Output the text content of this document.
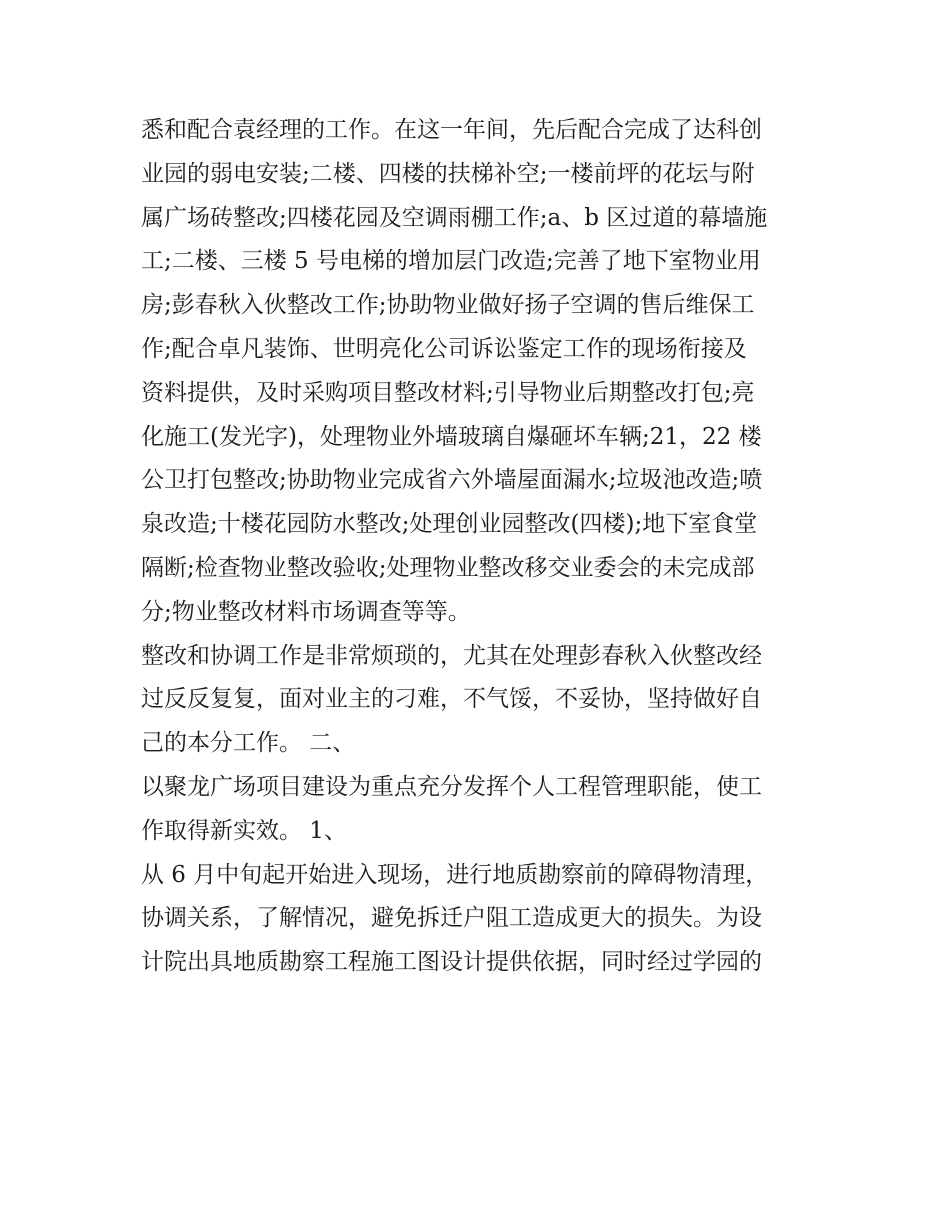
悉和配合袁经理的工作。在这一年间，先后配合完成了达科创
业园的弱电安装;二楼、四楼的扶梯补空;一楼前坪的花坛与附
属广场砖整改;四楼花园及空调雨棚工作;a、b 区过道的幕墙施
工;二楼、三楼 5 号电梯的增加层门改造;完善了地下室物业用
房;彭春秋入伙整改工作;协助物业做好扬子空调的售后维保工
作;配合卓凡装饰、世明亮化公司诉讼鉴定工作的现场衔接及
资料提供，及时采购项目整改材料;引导物业后期整改打包;亮
化施工(发光字)，处理物业外墙玻璃自爆砸坏车辆;21，22 楼
公卫打包整改;协助物业完成省六外墙屋面漏水;垃圾池改造;喷
泉改造;十楼花园防水整改;处理创业园整改(四楼);地下室食堂
隔断;检查物业整改验收;处理物业整改移交业委会的未完成部
分;物业整改材料市场调查等等。
整改和协调工作是非常烦琐的，尤其在处理彭春秋入伙整改经
过反反复复，面对业主的刁难，不气馁，不妥协，坚持做好自
己的本分工作。 二、
以聚龙广场项目建设为重点充分发挥个人工程管理职能，使工
作取得新实效。 1、
从 6 月中旬起开始进入现场，进行地质勘察前的障碍物清理，
协调关系，了解情况，避免拆迁户阻工造成更大的损失。为设
计院出具地质勘察工程施工图设计提供依据，同时经过学园的
